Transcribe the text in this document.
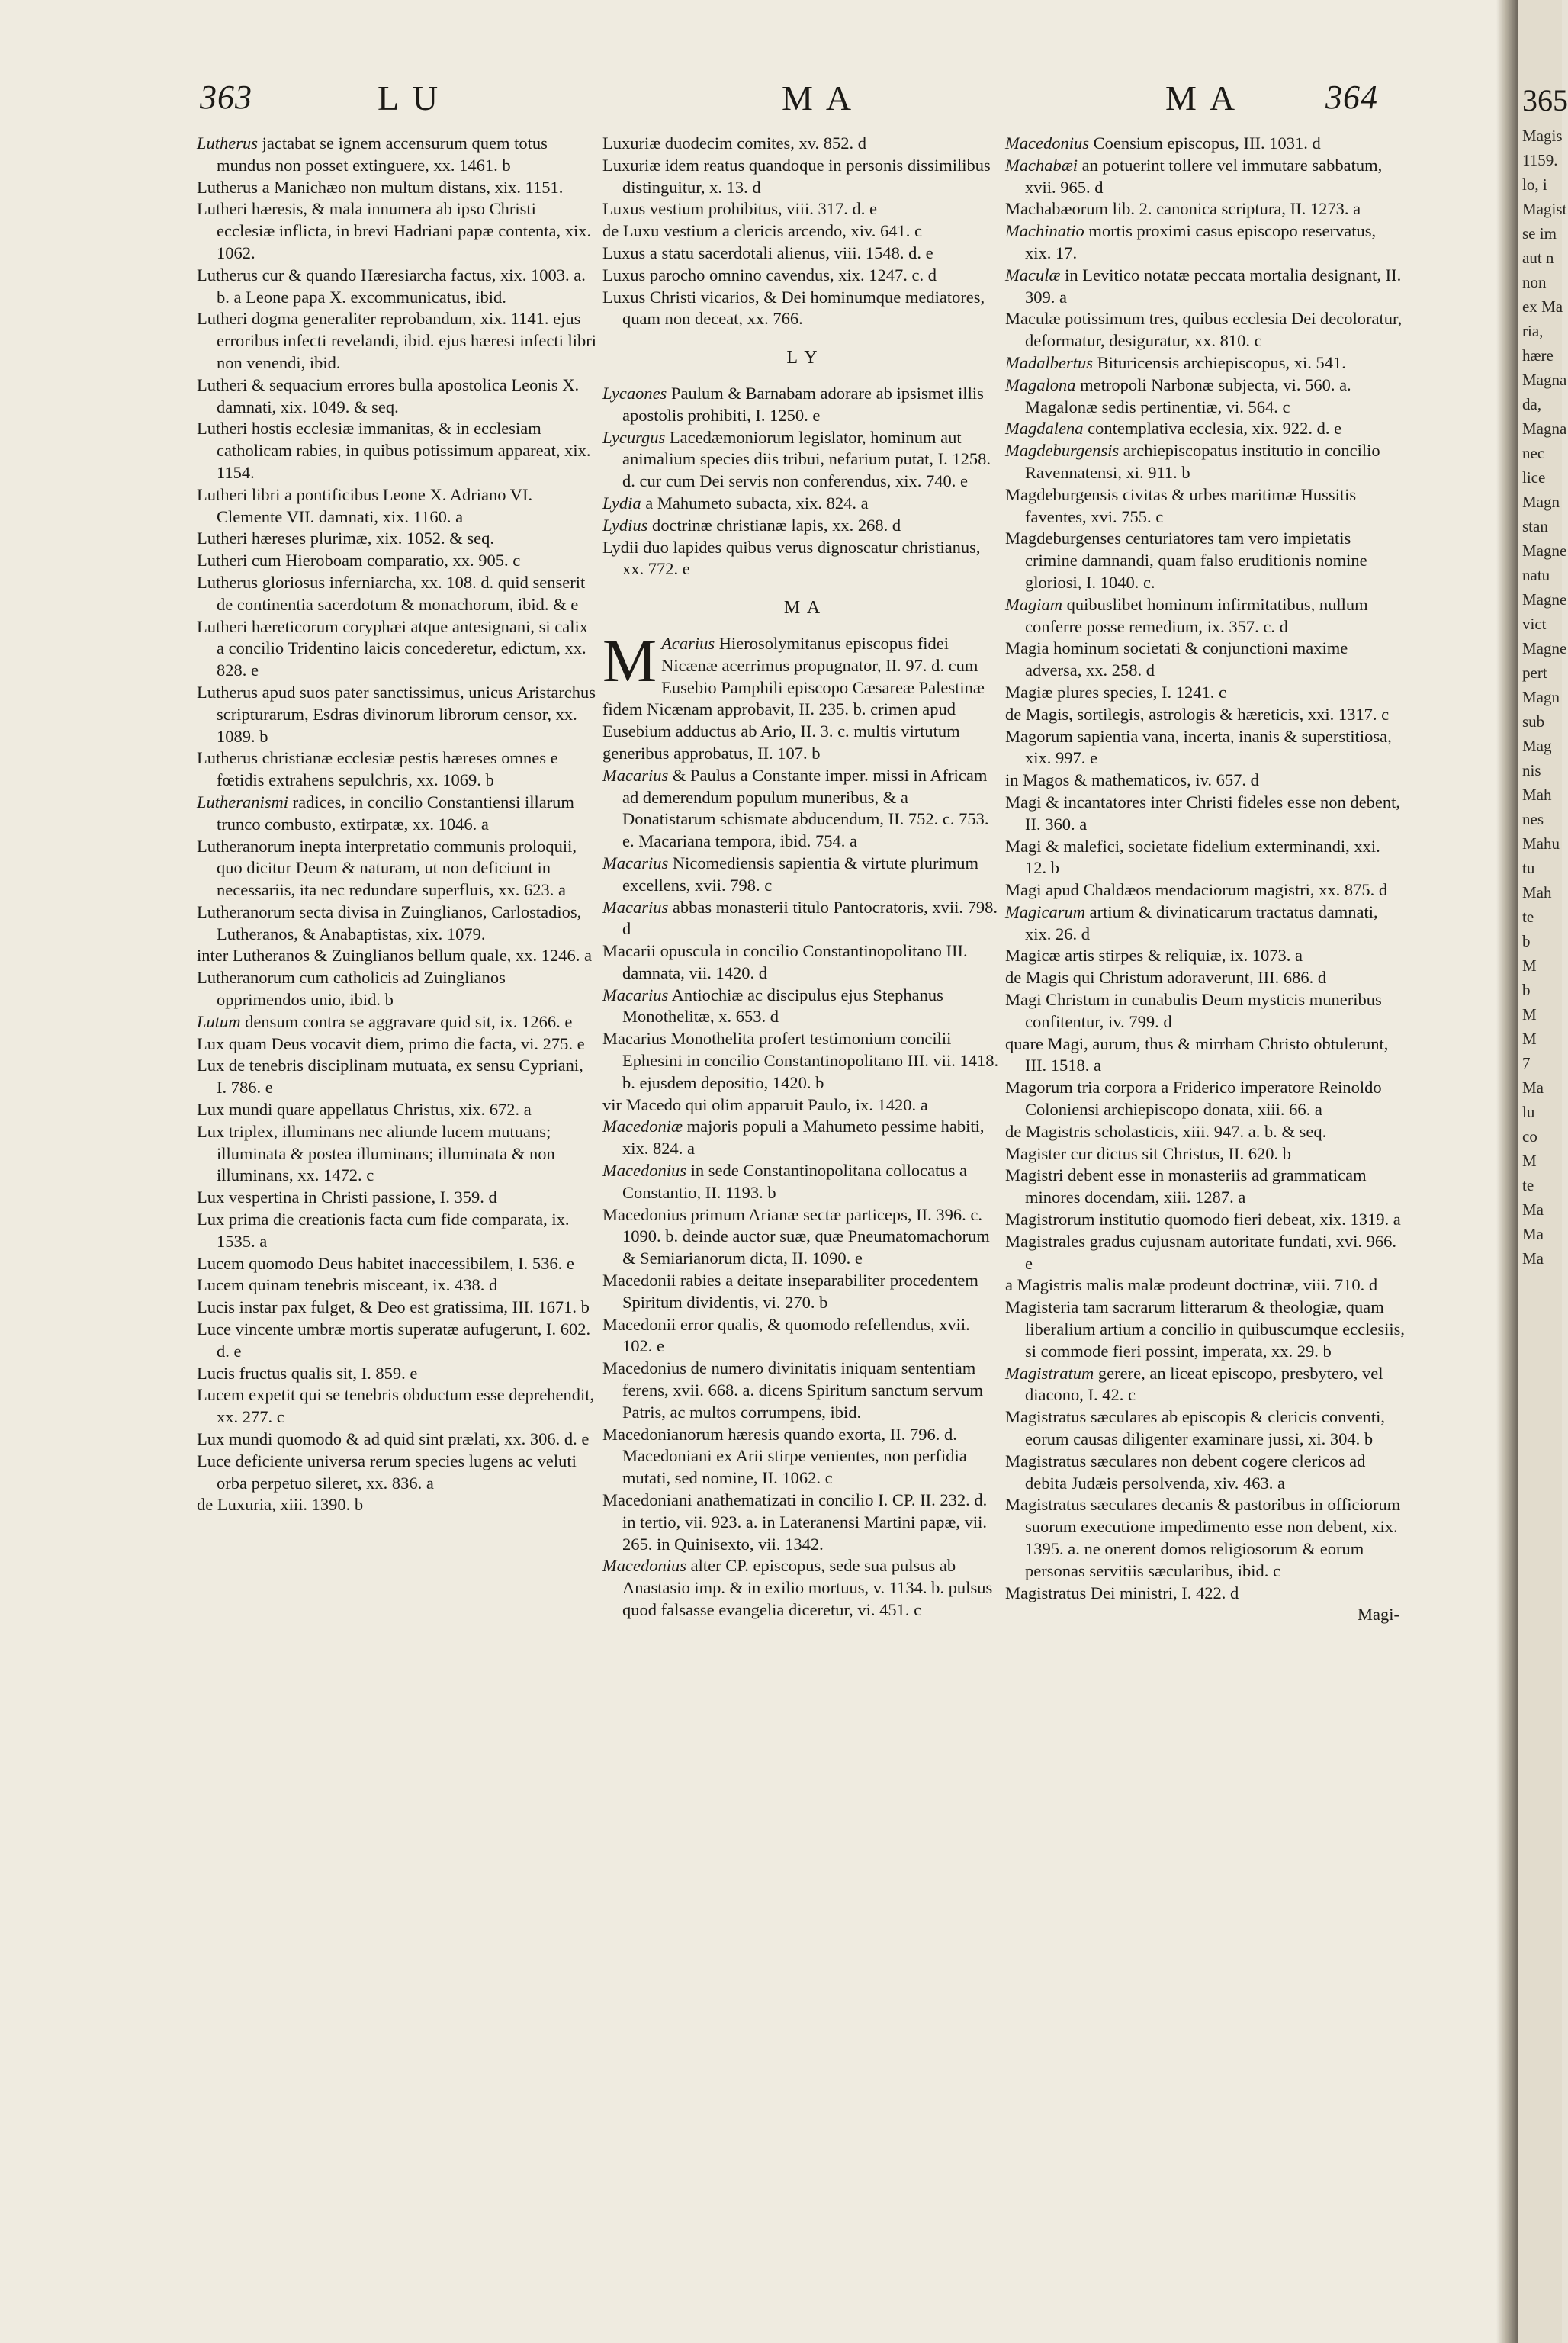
363	L U	M A	M A	364
Lutherus jactabat se ignem accensurum quem totus mundus non posset extinguere, xx. 1461. b
Lutherus a Manichæo non multum distans, xix. 1151.
Lutheri hæresis, & mala innumera ab ipso Christi ecclesiæ inflicta, in brevi Hadriani papæ contenta, xix. 1062.
Lutherus cur & quando Hæresiarcha factus, xix. 1003. a. b. a Leone papa X. excommunicatus, ibid.
Lutheri dogma generaliter reprobandum, xix. 1141. ejus erroribus infecti revelandi, ibid. ejus hæresi infecti libri non venendi, ibid.
Lutheri & sequacium errores bulla apostolica Leonis X. damnati, xix. 1049. & seq.
Lutheri hostis ecclesiæ immanitas, & in ecclesiam catholicam rabies, in quibus potissimum appareat, xix. 1154.
Lutheri libri a pontificibus Leone X. Adriano VI. Clemente VII. damnati, xix. 1160. a
Lutheri hæreses plurimæ, xix. 1052. & seq.
Lutheri cum Hieroboam comparatio, xx. 905. c
Lutherus gloriosus inferniarcha, xx. 108. d. quid senserit de continentia sacerdotum & monachorum, ibid. & e
Lutheri hæreticorum coryphæi atque antesignani, si calix a concilio Tridentino laicis concederetur, edictum, xx. 828. e
Lutherus apud suos pater sanctissimus, unicus Aristarchus scripturarum, Esdras divinorum librorum censor, xx. 1089. b
Lutherus christianæ ecclesiæ pestis hæreses omnes e fœtidis extrahens sepulchris, xx. 1069. b
Lutheranismi radices, in concilio Constantiensi illarum trunco combusto, extirpatæ, xx. 1046. a
Lutheranorum inepta interpretatio communis proloquii, quo dicitur Deum & naturam, ut non deficiunt in necessariis, ita nec redundare superfluis, xx. 623. a
Lutheranorum secta divisa in Zuinglianos, Carlostadios, Lutheranos, & Anabaptistas, xix. 1079.
inter Lutheranos & Zuinglianos bellum quale, xx. 1246. a
Lutheranorum cum catholicis ad Zuinglianos opprimendos unio, ibid. b
Lutum densum contra se aggravare quid sit, ix. 1266. e
Lux quam Deus vocavit diem, primo die facta, vi. 275. e
Lux de tenebris disciplinam mutuata, ex sensu Cypriani, I. 786. e
Lux mundi quare appellatus Christus, xix. 672. a
Lux triplex, illuminans nec aliunde lucem mutuans; illuminata & postea illuminans; illuminata & non illuminans, xx. 1472. c
Lux vespertina in Christi passione, I. 359. d
Lux prima die creationis facta cum fide comparata, ix. 1535. a
Lucem quomodo Deus habitet inaccessibilem, I. 536. e
Lucem quinam tenebris misceant, ix. 438. d
Lucis instar pax fulget, & Deo est gratissima, III. 1671. b
Luce vincente umbræ mortis superatæ aufugerunt, I. 602. d. e
Lucis fructus qualis sit, I. 859. e
Lucem expetit qui se tenebris obductum esse deprehendit, xx. 277. c
Lux mundi quomodo & ad quid sint prælati, xx. 306. d. e
Luce deficiente universa rerum species lugens ac veluti orba perpetuo sileret, xx. 836. a
de Luxuria, xiii. 1390. b
Luxuriæ duodecim comites, xv. 852. d
Luxuriæ idem reatus quandoque in personis dissimilibus distinguitur, x. 13. d
Luxus vestium prohibitus, viii. 317. d. e
de Luxu vestium a clericis arcendo, xiv. 641. c
Luxus a statu sacerdotali alienus, viii. 1548. d. e
Luxus parocho omnino cavendus, xix. 1247. c. d
Luxus Christi vicarios, & Dei hominumque mediatores, quam non deceat, xx. 766.
L Y
Lycaones Paulum & Barnabam adorare ab ipsismet illis apostolis prohibiti, I. 1250. e
Lycurgus Lacedæmoniorum legislator, hominum aut animalium species diis tribui, nefarium putat, I. 1258. d. cur cum Dei servis non conferendus, xix. 740. e
Lydia a Mahumeto subacta, xix. 824. a
Lydius doctrinæ christianæ lapis, xx. 268. d
Lydii duo lapides quibus verus dignoscatur christianus, xx. 772. e
M A
M Acarius Hierosolymitanus episcopus fidei Nicænæ acerrimus propugnator, II. 97. d. cum Eusebio Pamphili episcopo Cæsareæ Palestinæ fidem Nicænam approbavit, II. 235. b. crimen apud Eusebium adductus ab Ario, II. 3. c. multis virtutum generibus approbatus, II. 107. b
Macarius & Paulus a Constante imper. missi in Africam ad demerendum populum muneribus, & a Donatistarum schismate abducendum, II. 752. c. 753. e. Macariana tempora, ibid. 754. a
Macarius Nicomediensis sapientia & virtute plurimum excellens, xvii. 798. c
Macarius abbas monasterii titulo Pantocratoris, xvii. 798. d
Macarii opuscula in concilio Constantinopolitano III. damnata, vii. 1420. d
Macarius Antiochiæ ac discipulus ejus Stephanus Monothelitæ, x. 653. d
Macarius Monothelita profert testimonium concilii Ephesini in concilio Constantinopolitano III. vii. 1418. b. ejusdem depositio, 1420. b
vir Macedo qui olim apparuit Paulo, ix. 1420. a
Macedoniæ majoris populi a Mahumeto pessime habiti, xix. 824. a
Macedonius in sede Constantinopolitana collocatus a Constantio, II. 1193. b
Macedonius primum Arianæ sectæ particeps, II. 396. c. 1090. b. deinde auctor suæ, quæ Pneumatomachorum & Semiarianorum dicta, II. 1090. e
Macedonii rabies a deitate inseparabiliter procedentem Spiritum dividentis, vi. 270. b
Macedonii error qualis, & quomodo refellendus, xvii. 102. e
Macedonius de numero divinitatis iniquam sententiam ferens, xvii. 668. a. dicens Spiritum sanctum servum Patris, ac multos corrumpens, ibid.
Macedonianorum hæresis quando exorta, II. 796. d. Macedoniani ex Arii stirpe venientes, non perfidia mutati, sed nomine, II. 1062. c
Macedoniani anathematizati in concilio I. CP. II. 232. d. in tertio, vii. 923. a. in Lateranensi Martini papæ, vii. 265. in Quinisexto, vii. 1342.
Macedonius alter CP. episcopus, sede sua pulsus ab Anastasio imp. & in exilio mortuus, v. 1134. b. pulsus quod falsasse evangelia diceretur, vi. 451. c
Macedonius Coensium episcopus, III. 1031. d
Machabæi an potuerint tollere vel immutare sabbatum, xvii. 965. d
Machabæorum lib. 2. canonica scriptura, II. 1273. a
Machinatio mortis proximi casus episcopo reservatus, xix. 17.
Maculæ in Levitico notatæ peccata mortalia designant, II. 309. a
Maculæ potissimum tres, quibus ecclesia Dei decoloratur, deformatur, desiguratur, xx. 810. c
Madalbertus Bituricensis archiepiscopus, xi. 541.
Magalona metropoli Narbonæ subjecta, vi. 560. a. Magalonæ sedis pertinentiæ, vi. 564. c
Magdalena contemplativa ecclesia, xix. 922. d. e
Magdeburgensis archiepiscopatus institutio in concilio Ravennatensi, xi. 911. b
Magdeburgensis civitas & urbes maritimæ Hussitis faventes, xvi. 755. c
Magdeburgenses centuriatores tam vero impietatis crimine damnandi, quam falso eruditionis nomine gloriosi, I. 1040. c.
Magiam quibuslibet hominum infirmitatibus, nullum conferre posse remedium, ix. 357. c. d
Magia hominum societati & conjunctioni maxime adversa, xx. 258. d
Magiæ plures species, I. 1241. c
de Magis, sortilegis, astrologis & hæreticis, xxi. 1317. c
Magorum sapientia vana, incerta, inanis & superstitiosa, xix. 997. e
in Magos & mathematicos, iv. 657. d
Magi & incantatores inter Christi fideles esse non debent, II. 360. a
Magi & malefici, societate fidelium exterminandi, xxi. 12. b
Magi apud Chaldæos mendaciorum magistri, xx. 875. d
Magicarum artium & divinaticarum tractatus damnati, xix. 26. d
Magicæ artis stirpes & reliquiæ, ix. 1073. a
de Magis qui Christum adoraverunt, III. 686. d
Magi Christum in cunabulis Deum mysticis muneribus confitentur, iv. 799. d
quare Magi, aurum, thus & mirrham Christo obtulerunt, III. 1518. a
Magorum tria corpora a Friderico imperatore Reinoldo Coloniensi archiepiscopo donata, xiii. 66. a
de Magistris scholasticis, xiii. 947. a. b. & seq.
Magister cur dictus sit Christus, II. 620. b
Magistri debent esse in monasteriis ad grammaticam minores docendam, xiii. 1287. a
Magistrorum institutio quomodo fieri debeat, xix. 1319. a
Magistrales gradus cujusnam autoritate fundati, xvi. 966. e
a Magistris malis malæ prodeunt doctrinæ, viii. 710. d
Magisteria tam sacrarum litterarum & theologiæ, quam liberalium artium a concilio in quibuscumque ecclesiis, si commode fieri possint, imperata, xx. 29. b
Magistratum gerere, an liceat episcopo, presbytero, vel diacono, I. 42. c
Magistratus sæculares ab episcopis & clericis conventi, eorum causas diligenter examinare jussi, xi. 304. b
Magistratus sæculares non debent cogere clericos ad debita Judæis persolvenda, xiv. 463. a
Magistratus sæculares decanis & pastoribus in officiorum suorum executione impedimento esse non debent, xix. 1395. a. ne onerent domos religiosorum & eorum personas servitiis sæcularibus, ibid. c
Magistratus Dei ministri, I. 422. d
Magi-
365
Magis
1159.
lo, i
Magist
se im
aut n
non
ex Ma
ria,
hære
Magna
da,
Magna
nec
lice
Magn
stan
Magne
natu
Magne
vict
Magne
pert
Magn
sub
Mag
nis
Mah
nes
Mahu
tu
Mah
te
b
M
b
M
M
7
Ma
lu
co
M
te
Ma
Ma
Ma
